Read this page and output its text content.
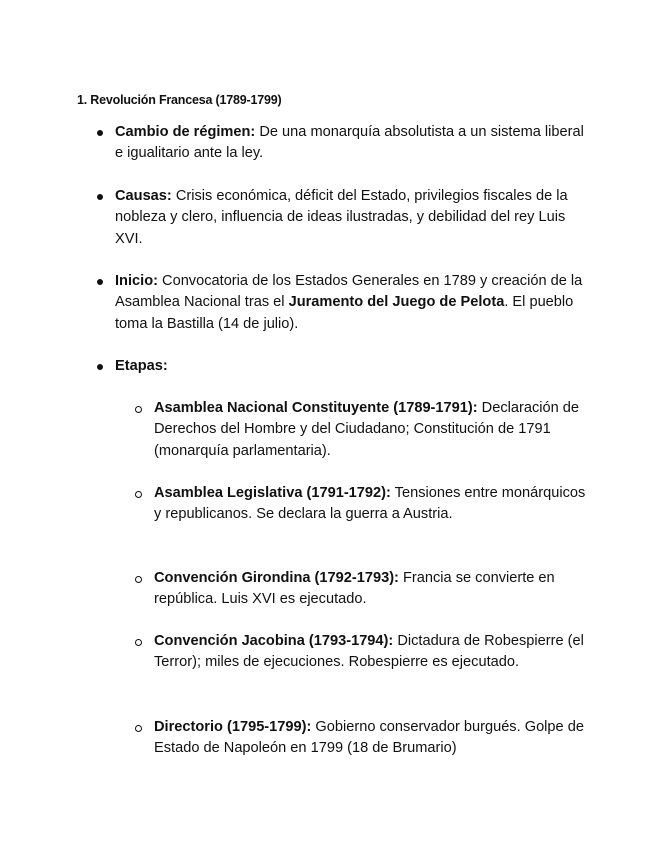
1. Revolución Francesa (1789-1799)
Cambio de régimen: De una monarquía absolutista a un sistema liberal e igualitario ante la ley.
Causas: Crisis económica, déficit del Estado, privilegios fiscales de la nobleza y clero, influencia de ideas ilustradas, y debilidad del rey Luis XVI.
Inicio: Convocatoria de los Estados Generales en 1789 y creación de la Asamblea Nacional tras el Juramento del Juego de Pelota. El pueblo toma la Bastilla (14 de julio).
Etapas:
Asamblea Nacional Constituyente (1789-1791): Declaración de Derechos del Hombre y del Ciudadano; Constitución de 1791 (monarquía parlamentaria).
Asamblea Legislativa (1791-1792): Tensiones entre monárquicos y republicanos. Se declara la guerra a Austria.
Convención Girondina (1792-1793): Francia se convierte en república. Luis XVI es ejecutado.
Convención Jacobina (1793-1794): Dictadura de Robespierre (el Terror); miles de ejecuciones. Robespierre es ejecutado.
Directorio (1795-1799): Gobierno conservador burgués. Golpe de Estado de Napoleón en 1799 (18 de Brumario)
